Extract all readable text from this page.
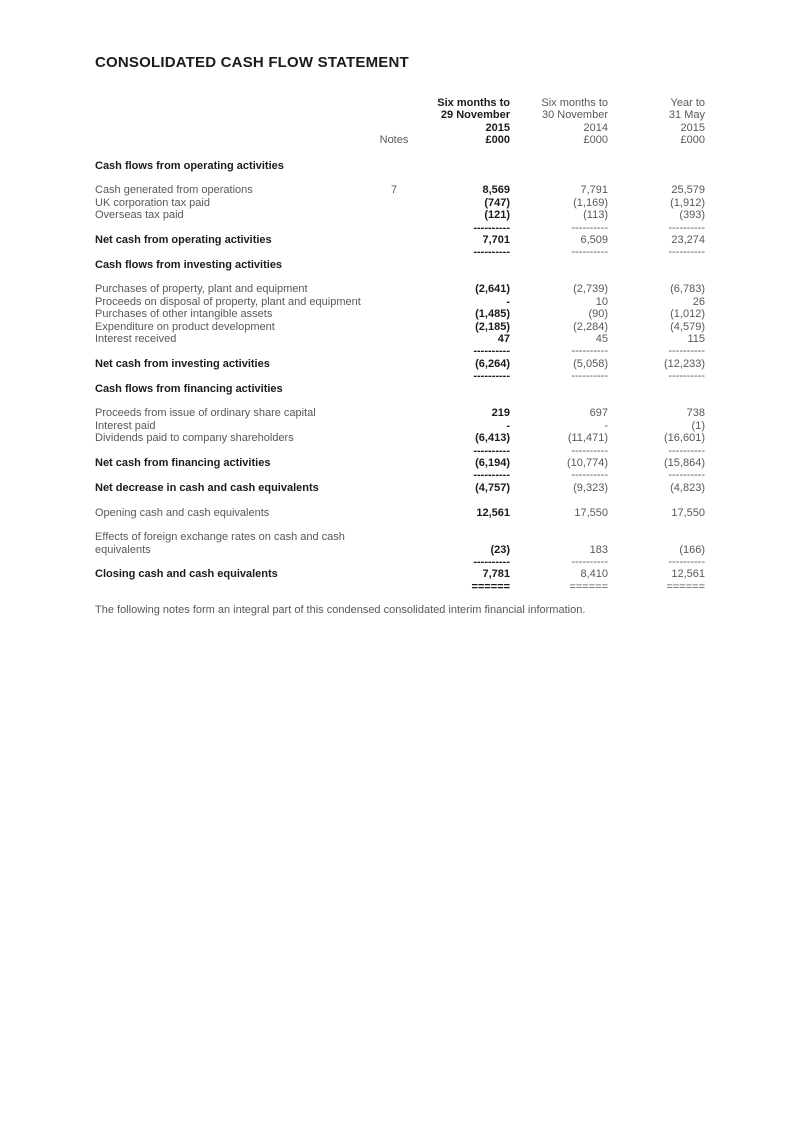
CONSOLIDATED CASH FLOW STATEMENT
Six months to	Six months to	Year to
29 November	30 November	31 May
2015	2014	2015
Notes	£000	£000	£000
Cash flows from operating activities
Cash generated from operations	7	8,569	7,791	25,579
UK corporation tax paid	(747)	(1,169)	(1,912)
Overseas tax paid	(121)	(113)	(393)
----------	----------	----------
Net cash from operating activities	7,701	6,509	23,274
----------	----------	----------
Cash flows from investing activities
Purchases of property, plant and equipment	(2,641)	(2,739)	(6,783)
Proceeds on disposal of property, plant and equipment	-	10	26
Purchases of other intangible assets	(1,485)	(90)	(1,012)
Expenditure on product development	(2,185)	(2,284)	(4,579)
Interest received	47	45	115
----------	----------	----------
Net cash from investing activities	(6,264)	(5,058)	(12,233)
----------	----------	----------
Cash flows from financing activities
Proceeds from issue of ordinary share capital	219	697	738
Interest paid	-	-	(1)
Dividends paid to company shareholders	(6,413)	(11,471)	(16,601)
----------	----------	----------
Net cash from financing activities	(6,194)	(10,774)	(15,864)
----------	----------	----------
Net decrease in cash and cash equivalents	(4,757)	(9,323)	(4,823)
Opening cash and cash equivalents	12,561	17,550	17,550
Effects of foreign exchange rates on cash and cash
equivalents	(23)	183	(166)
----------	----------	----------
Closing cash and cash equivalents	7,781	8,410	12,561
======	======	======

The following notes form an integral part of this condensed consolidated interim financial information.
